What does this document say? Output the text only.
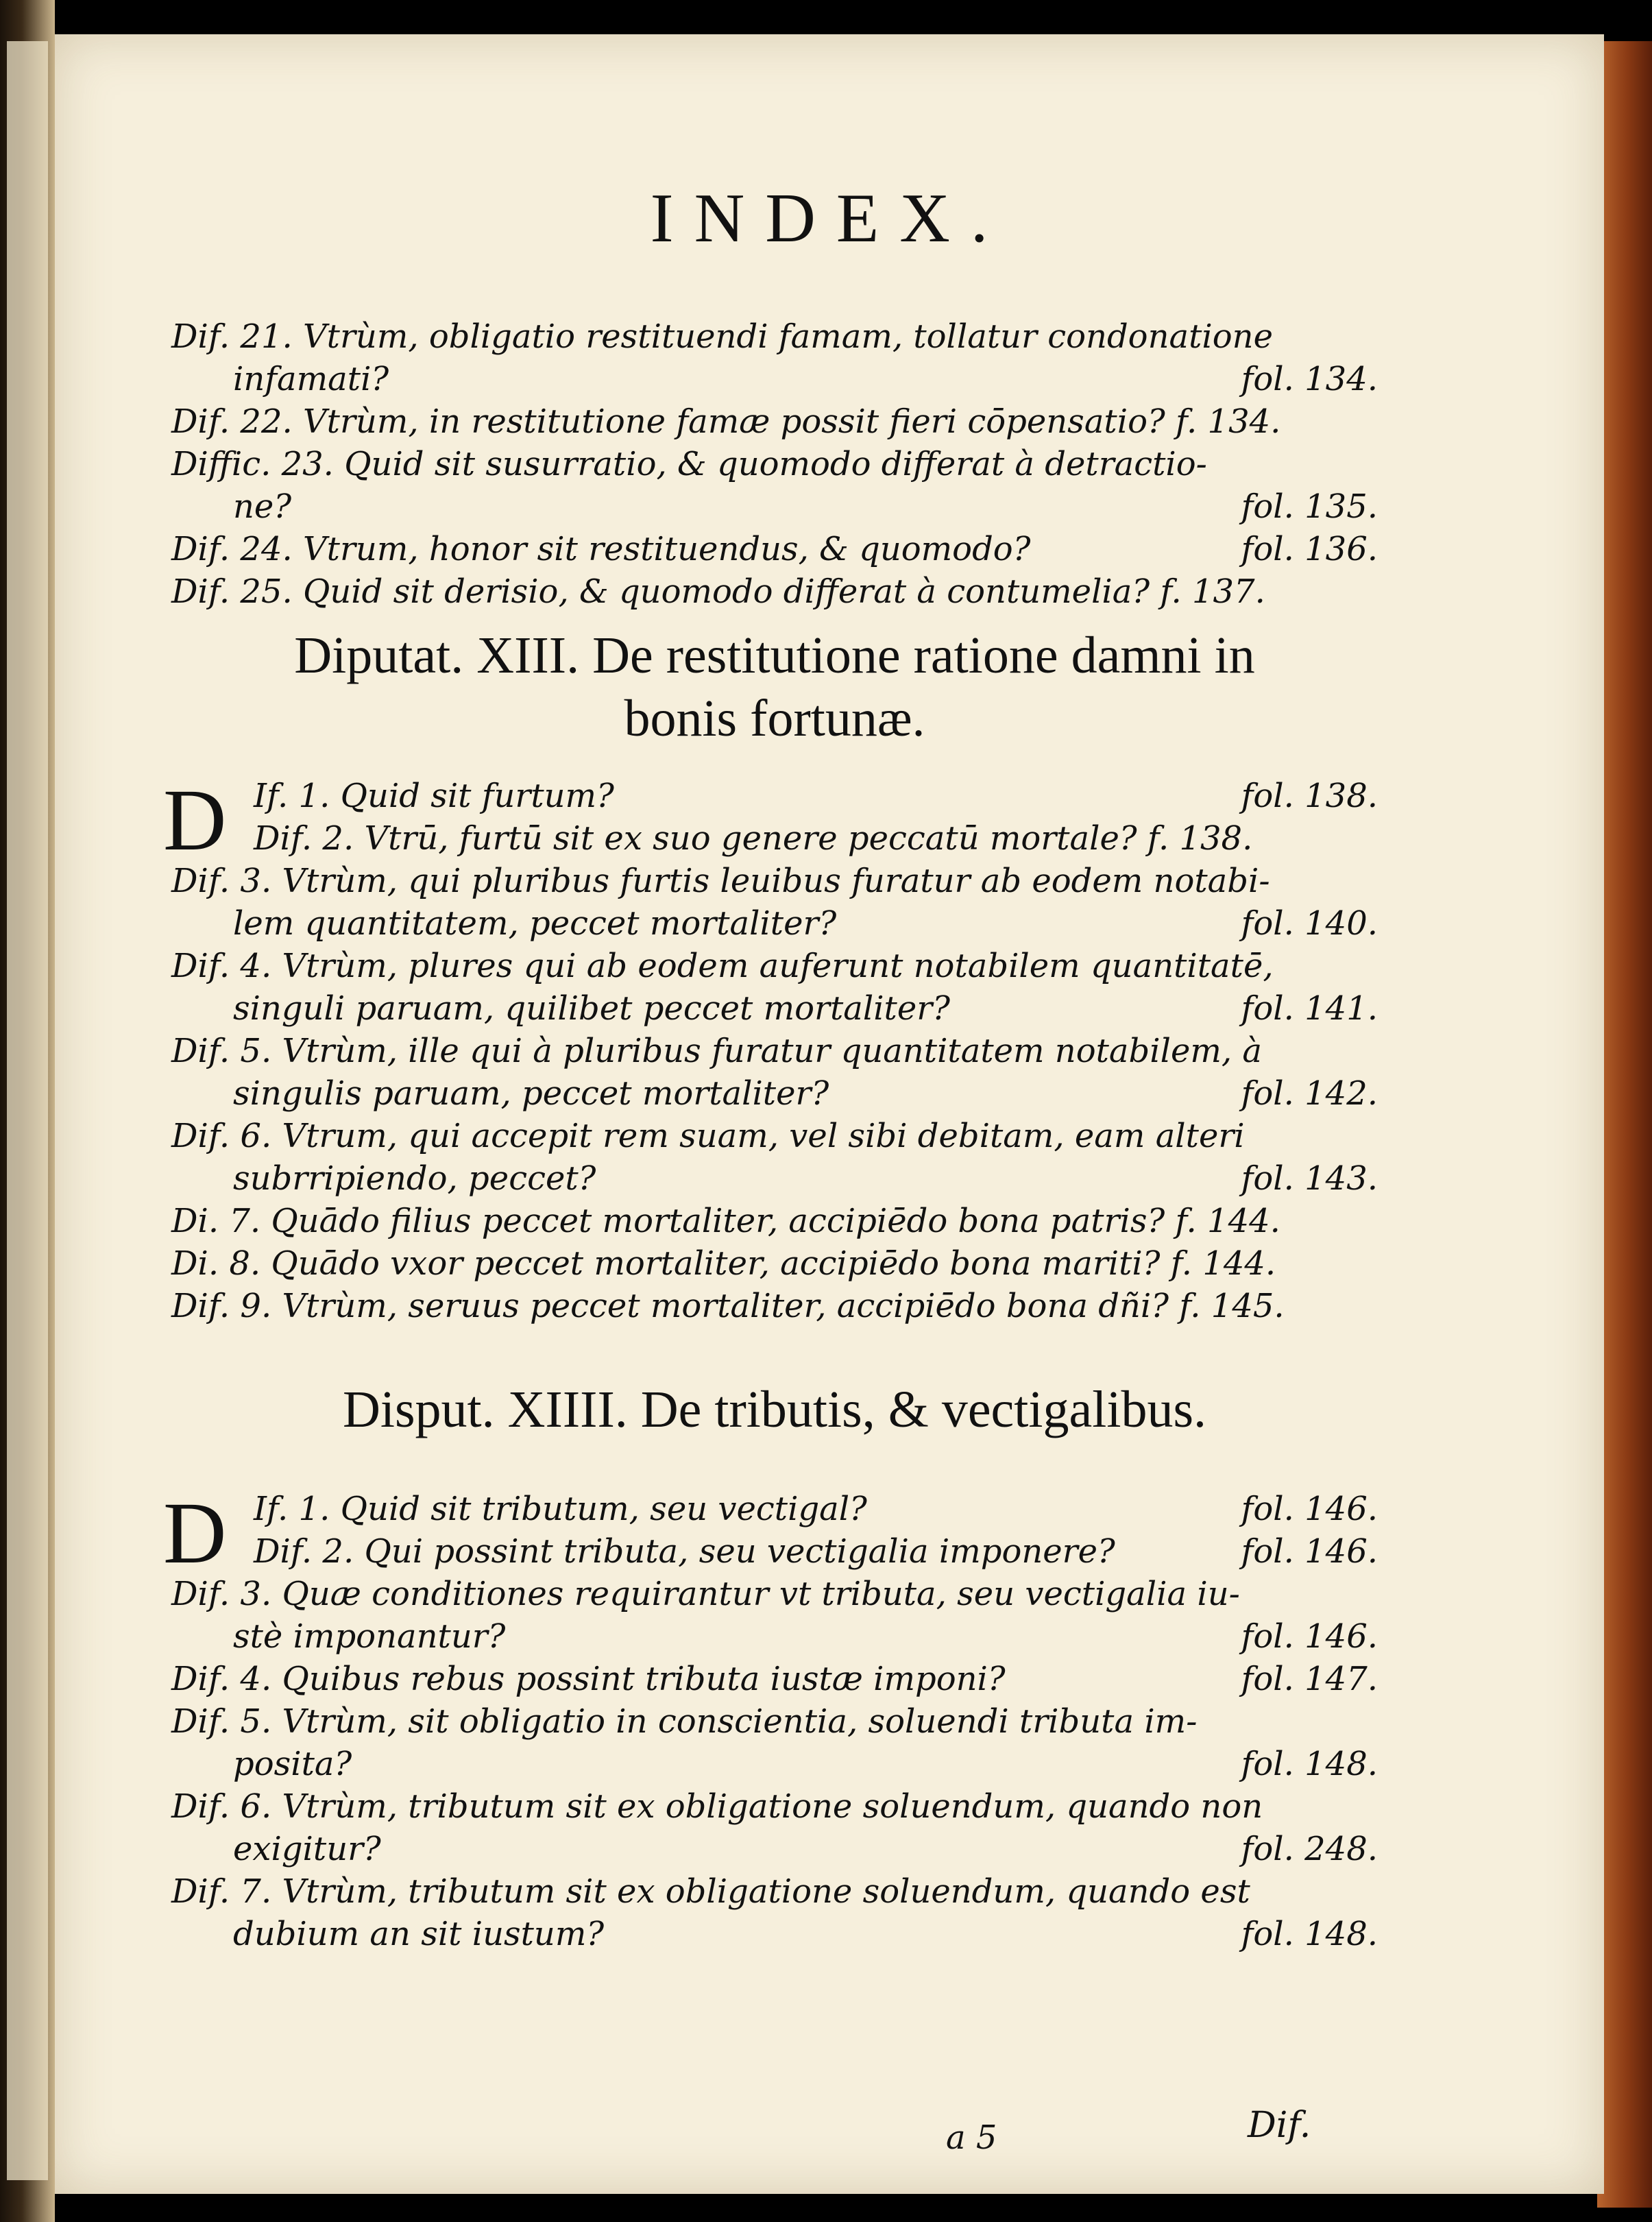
INDEX.
Dif. 21. Vtrùm, obligatio restituendi famam, tollatur condonatione
infamati?	fol. 134.
Dif. 22. Vtrùm, in restitutione famæ possit fieri cōpensatio? f. 134.
Diffic. 23. Quid sit susurratio, & quomodo differat à detractio-
ne?	fol. 135.
Dif. 24. Vtrum, honor sit restituendus, & quomodo?	fol. 136.
Dif. 25. Quid sit derisio, & quomodo differat à contumelia? f. 137.
Diputat. XIII. De restitutione ratione damni in
bonis fortunæ.
D If. 1. Quid sit furtum?	fol. 138.
Dif. 2. Vtrū, furtū sit ex suo genere peccatū mortale? f. 138.
Dif. 3. Vtrùm, qui pluribus furtis leuibus furatur ab eodem notabi-
lem quantitatem, peccet mortaliter?	fol. 140.
Dif. 4. Vtrùm, plures qui ab eodem auferunt notabilem quantitatē,
singuli paruam, quilibet peccet mortaliter?	fol. 141.
Dif. 5. Vtrùm, ille qui à pluribus furatur quantitatem notabilem, à
singulis paruam, peccet mortaliter?	fol. 142.
Dif. 6. Vtrum, qui accepit rem suam, vel sibi debitam, eam alteri
subrripiendo, peccet?	fol. 143.
Di. 7. Quādo filius peccet mortaliter, accipiēdo bona patris? f. 144.
Di. 8. Quādo vxor peccet mortaliter, accipiēdo bona mariti? f. 144.
Dif. 9. Vtrùm, seruus peccet mortaliter, accipiēdo bona dñi? f. 145.
Disput. XIIII. De tributis, & vectigalibus.
D If. 1. Quid sit tributum, seu vectigal?	fol. 146.
Dif. 2. Qui possint tributa, seu vectigalia imponere?	fol. 146.
Dif. 3. Quæ conditiones requirantur vt tributa, seu vectigalia iu-
stè imponantur?	fol. 146.
Dif. 4. Quibus rebus possint tributa iustæ imponi?	fol. 147.
Dif. 5. Vtrùm, sit obligatio in conscientia, soluendi tributa im-
posita?	fol. 148.
Dif. 6. Vtrùm, tributum sit ex obligatione soluendum, quando non
exigitur?	fol. 248.
Dif. 7. Vtrùm, tributum sit ex obligatione soluendum, quando est
dubium an sit iustum?	fol. 148.
a 5	Dif.
